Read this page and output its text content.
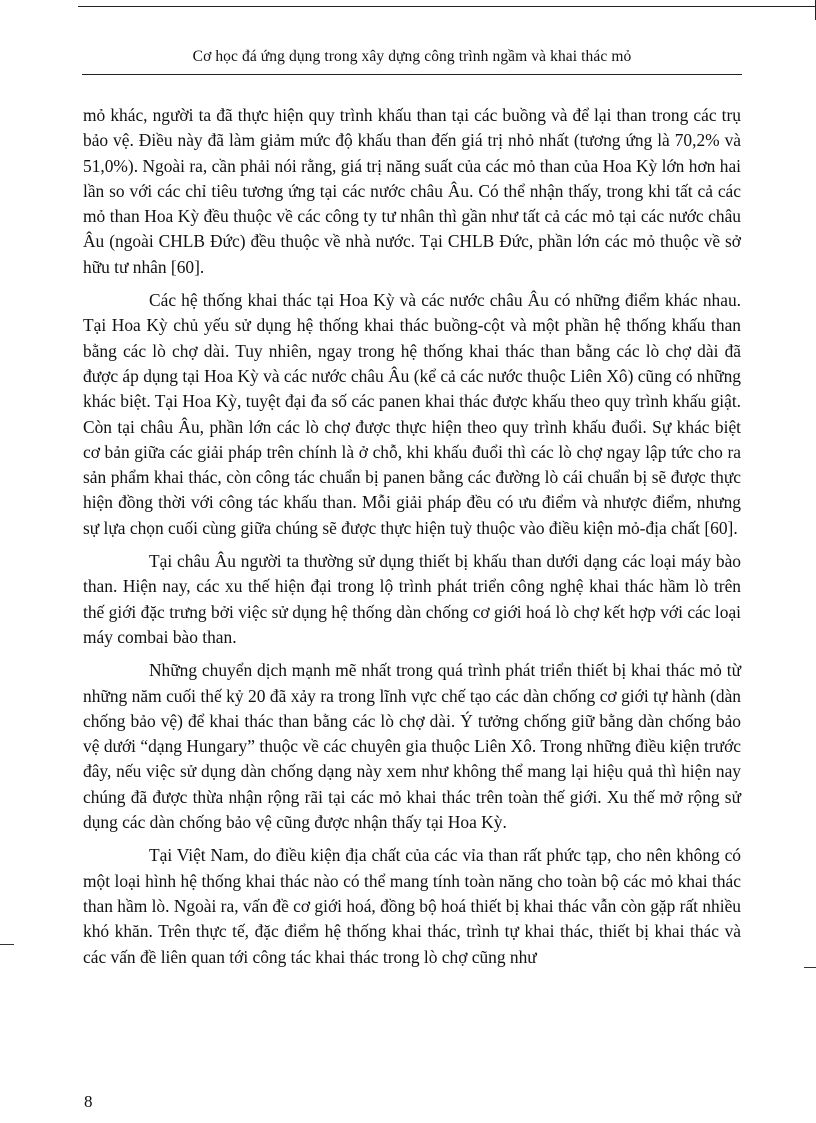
Cơ học đá ứng dụng trong xây dựng công trình ngầm và khai thác mỏ

mỏ khác, người ta đã thực hiện quy trình khấu than tại các buồng và để lại than trong các trụ bảo vệ. Điều này đã làm giảm mức độ khấu than đến giá trị nhỏ nhất (tương ứng là 70,2% và 51,0%). Ngoài ra, cần phải nói rằng, giá trị năng suất của các mỏ than của Hoa Kỳ lớn hơn hai lần so với các chỉ tiêu tương ứng tại các nước châu Âu. Có thể nhận thấy, trong khi tất cả các mỏ than Hoa Kỳ đều thuộc về các công ty tư nhân thì gần như tất cả các mỏ tại các nước châu Âu (ngoài CHLB Đức) đều thuộc về nhà nước. Tại CHLB Đức, phần lớn các mỏ thuộc về sở hữu tư nhân [60].

Các hệ thống khai thác tại Hoa Kỳ và các nước châu Âu có những điểm khác nhau. Tại Hoa Kỳ chủ yếu sử dụng hệ thống khai thác buồng-cột và một phần hệ thống khấu than bằng các lò chợ dài. Tuy nhiên, ngay trong hệ thống khai thác than bằng các lò chợ dài đã được áp dụng tại Hoa Kỳ và các nước châu Âu (kể cả các nước thuộc Liên Xô) cũng có những khác biệt. Tại Hoa Kỳ, tuyệt đại đa số các panen khai thác được khấu theo quy trình khấu giật. Còn tại châu Âu, phần lớn các lò chợ được thực hiện theo quy trình khấu đuổi. Sự khác biệt cơ bản giữa các giải pháp trên chính là ở chỗ, khi khấu đuổi thì các lò chợ ngay lập tức cho ra sản phẩm khai thác, còn công tác chuẩn bị panen bằng các đường lò cái chuẩn bị sẽ được thực hiện đồng thời với công tác khấu than. Mỗi giải pháp đều có ưu điểm và nhược điểm, nhưng sự lựa chọn cuối cùng giữa chúng sẽ được thực hiện tuỳ thuộc vào điều kiện mỏ-địa chất [60].

Tại châu Âu người ta thường sử dụng thiết bị khấu than dưới dạng các loại máy bào than. Hiện nay, các xu thế hiện đại trong lộ trình phát triển công nghệ khai thác hầm lò trên thế giới đặc trưng bởi việc sử dụng hệ thống dàn chống cơ giới hoá lò chợ kết hợp với các loại máy combai bào than.

Những chuyển dịch mạnh mẽ nhất trong quá trình phát triển thiết bị khai thác mỏ từ những năm cuối thế kỷ 20 đã xảy ra trong lĩnh vực chế tạo các dàn chống cơ giới tự hành (dàn chống bảo vệ) để khai thác than bằng các lò chợ dài. Ý tưởng chống giữ bằng dàn chống bảo vệ dưới “dạng Hungary” thuộc về các chuyên gia thuộc Liên Xô. Trong những điều kiện trước đây, nếu việc sử dụng dàn chống dạng này xem như không thể mang lại hiệu quả thì hiện nay chúng đã được thừa nhận rộng rãi tại các mỏ khai thác trên toàn thế giới. Xu thế mở rộng sử dụng các dàn chống bảo vệ cũng được nhận thấy tại Hoa Kỳ.

Tại Việt Nam, do điều kiện địa chất của các vỉa than rất phức tạp, cho nên không có một loại hình hệ thống khai thác nào có thể mang tính toàn năng cho toàn bộ các mỏ khai thác than hầm lò. Ngoài ra, vấn đề cơ giới hoá, đồng bộ hoá thiết bị khai thác vẫn còn gặp rất nhiều khó khăn. Trên thực tế, đặc điểm hệ thống khai thác, trình tự khai thác, thiết bị khai thác và các vấn đề liên quan tới công tác khai thác trong lò chợ cũng như

8
